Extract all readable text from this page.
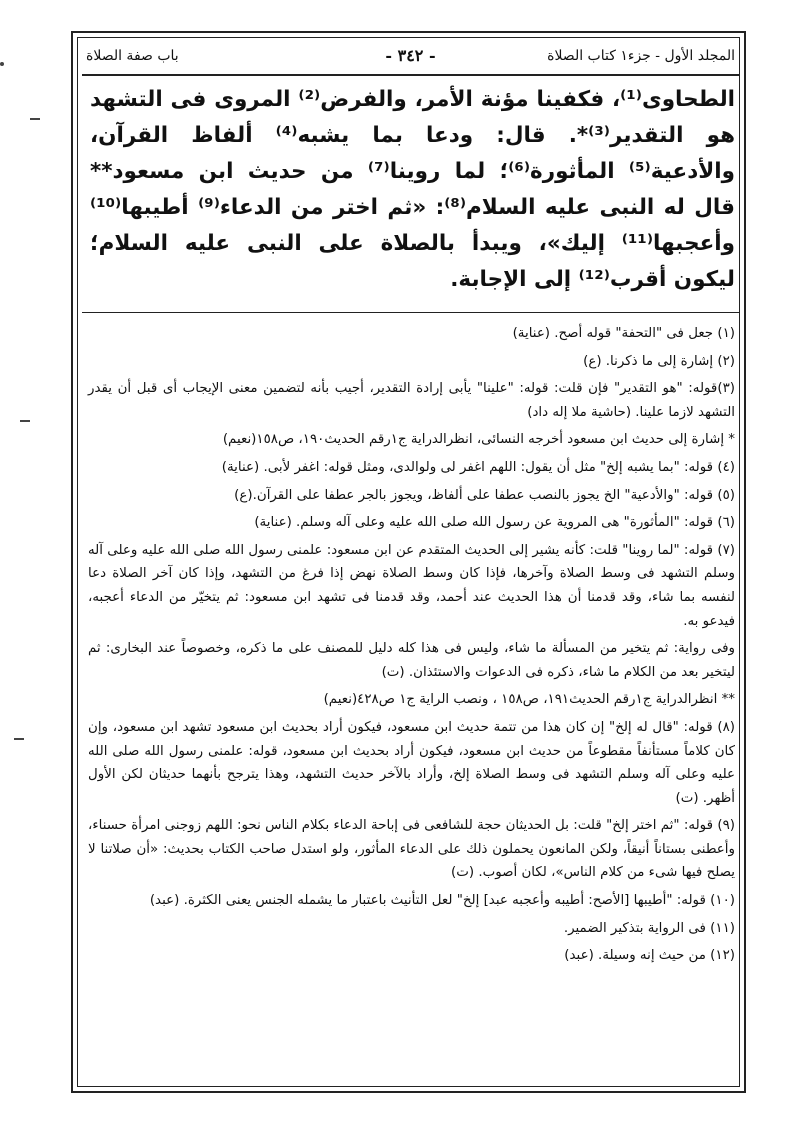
المجلد الأول - جزء١ كتاب الصلاة
- ٣٤٢ -
باب صفة الصلاة

الطحاوى⁽¹⁾، فكفينا مؤنة الأمر، والفرض⁽²⁾ المروى فى التشهد هو التقدير⁽³⁾*. قال: ودعا بما يشبه⁽⁴⁾ ألفاظ القرآن، والأدعية⁽⁵⁾ المأثورة⁽⁶⁾؛ لما روينا⁽⁷⁾ من حديث ابن مسعود** قال له النبى عليه السلام⁽⁸⁾: «ثم اختر من الدعاء⁽⁹⁾ أطيبها⁽¹⁰⁾ وأعجبها⁽¹¹⁾ إليك»، ويبدأ بالصلاة على النبى عليه السلام؛ ليكون أقرب⁽¹²⁾ إلى الإجابة.

(١) جعل فى "التحفة" قوله أصح. (عناية)

(٢) إشارة إلى ما ذكرنا. (ع)

(٣)قوله: "هو التقدير" فإن قلت: قوله: "علينا" يأبى إرادة التقدير، أجيب بأنه لتضمين معنى الإيجاب أى قبل أن يقدر التشهد لازما علينا. (حاشية ملا إله داد)

* إشارة إلى حديث ابن مسعود أخرجه النسائى، انظرالدراية ج١رقم الحديث١٩٠، ص١٥٨(نعيم)

(٤) قوله: "بما يشبه إلخ" مثل أن يقول: اللهم اغفر لى ولوالدى، ومثل قوله: اغفر لأبى. (عناية)

(٥) قوله: "والأدعية" الخ يجوز بالنصب عطفا على ألفاظ، ويجوز بالجر عطفا على القرآن.(ع)

(٦) قوله: "المأثورة" هى المروية عن رسول الله صلى الله عليه وعلى آله وسلم. (عناية)

(٧) قوله: "لما روينا" قلت: كأنه يشير إلى الحديث المتقدم عن ابن مسعود: علمنى رسول الله صلى الله عليه وعلى آله وسلم التشهد فى وسط الصلاة وآخرها، فإذا كان وسط الصلاة نهض إذا فرغ من التشهد، وإذا كان آخر الصلاة دعا لنفسه بما شاء، وقد قدمنا أن هذا الحديث عند أحمد، وقد قدمنا فى تشهد ابن مسعود: ثم يتخيّر من الدعاء أعجبه، فيدعو به.

وفى رواية: ثم يتخير من المسألة ما شاء، وليس فى هذا كله دليل للمصنف على ما ذكره، وخصوصاً عند البخارى: ثم ليتخير بعد من الكلام ما شاء، ذكره فى الدعوات والاستئذان. (ت)

** انظرالدراية ج١رقم الحديث١٩١، ص١٥٨ ، ونصب الراية ج١ ص٤٢٨(نعيم)

(٨) قوله: "قال له إلخ" إن كان هذا من تتمة حديث ابن مسعود، فيكون أراد بحديث ابن مسعود تشهد ابن مسعود، وإن كان كلاماً مستأنفاً مقطوعاً من حديث ابن مسعود، فيكون أراد بحديث ابن مسعود، قوله: علمنى رسول الله صلى الله عليه وعلى آله وسلم التشهد فى وسط الصلاة إلخ، وأراد بالآخر حديث التشهد، وهذا يترجح بأنهما حديثان لكن الأول أظهر. (ت)

(٩) قوله: "ثم اختر إلخ" قلت: بل الحديثان حجة للشافعى فى إباحة الدعاء بكلام الناس نحو: اللهم زوجنى امرأة حسناء، وأعطنى بستاناً أنيقاً، ولكن المانعون يحملون ذلك على الدعاء المأثور، ولو استدل صاحب الكتاب بحديث: «أن صلاتنا لا يصلح فيها شىء من كلام الناس»، لكان أصوب. (ت)

(١٠) قوله: "أطيبها [الأصح: أطيبه وأعجبه عبد] إلخ" لعل التأنيث باعتبار ما يشمله الجنس يعنى الكثرة. (عبد)

(١١) فى الرواية بتذكير الضمير.

(١٢) من حيث إنه وسيلة. (عبد)
